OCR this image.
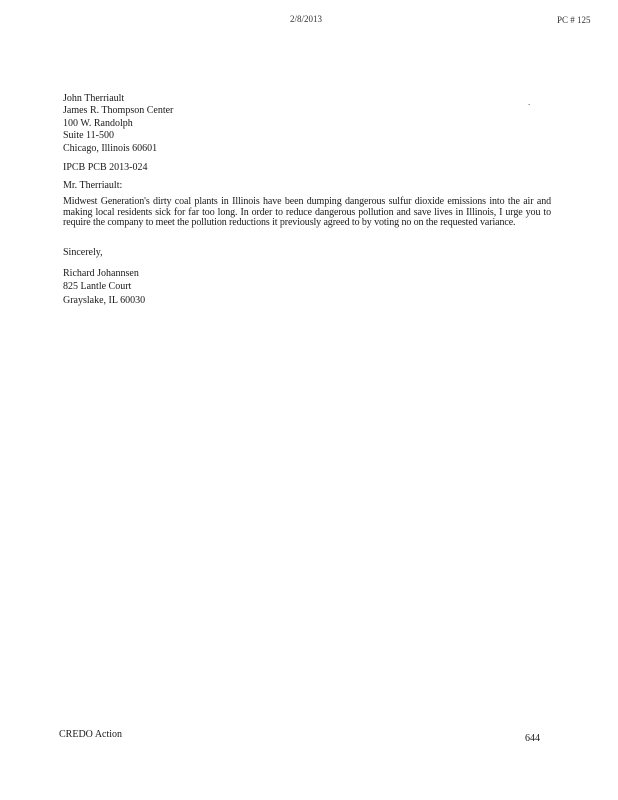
2/8/2013	PC # 125
.
John Therriault
James R. Thompson Center
100 W. Randolph
Suite 11-500
Chicago, Illinois 60601
IPCB PCB 2013-024
Mr. Therriault:
Midwest Generation's dirty coal plants in Illinois have been dumping dangerous sulfur dioxide emissions into the air and making local residents sick for far too long. In order to reduce dangerous pollution and save lives in Illinois, I urge you to require the company to meet the pollution reductions it previously agreed to by voting no on the requested variance.
Sincerely,
Richard Johannsen
825 Lantle Court
Grayslake, IL 60030
CREDO Action	644
